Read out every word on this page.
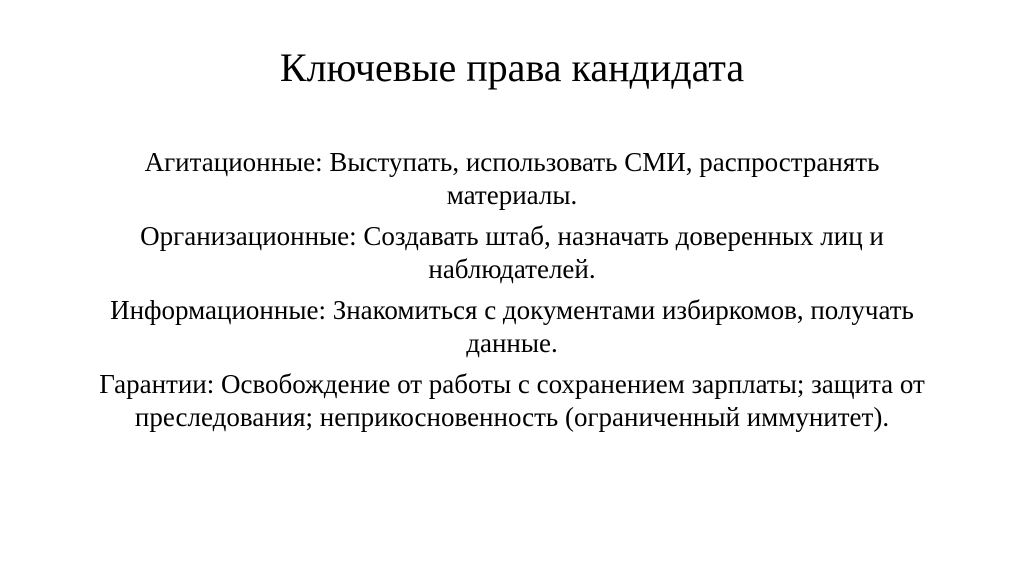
Ключевые права кандидата

Агитационные: Выступать, использовать СМИ, распространять материалы.

Организационные: Создавать штаб, назначать доверенных лиц и наблюдателей.

Информационные: Знакомиться с документами избиркомов, получать данные.

Гарантии: Освобождение от работы с сохранением зарплаты; защита от преследования; неприкосновенность (ограниченный иммунитет).
